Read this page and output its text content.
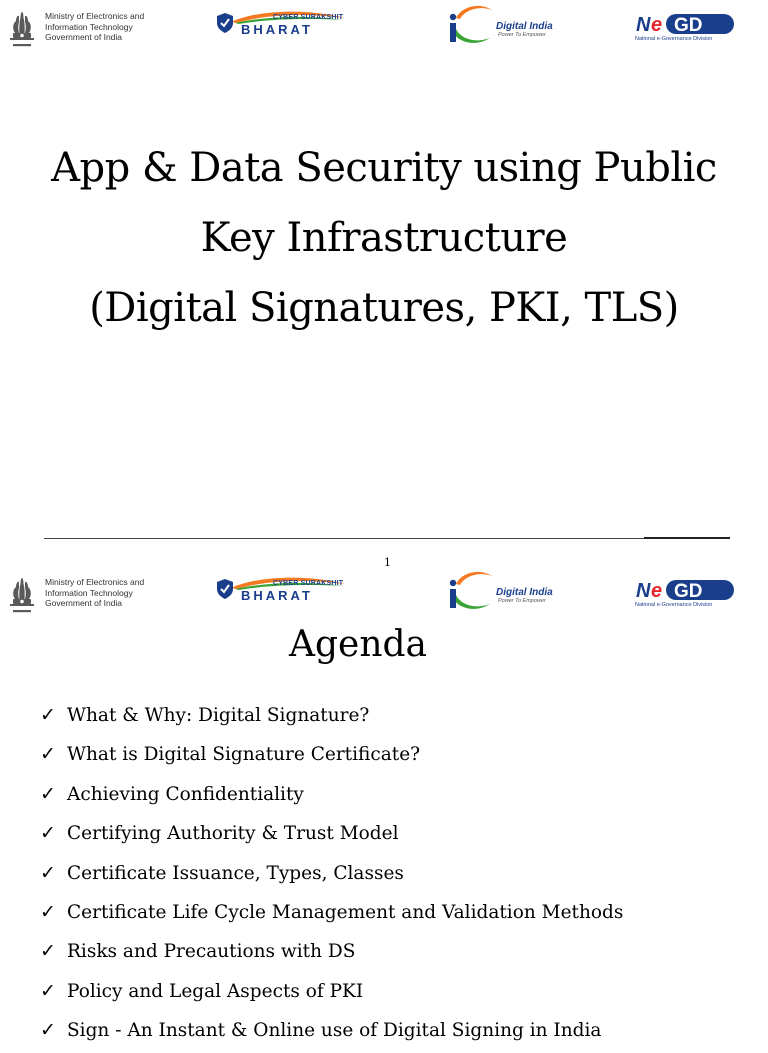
Ministry of Electronics and
Information Technology
Government of India
CYBER SURAKSHIT
BHARAT	Digital India
Power To Empower	N e GD
National e-Governance Division
App & Data Security using Public
Key Infrastructure
(Digital Signatures, PKI, TLS)
1
Ministry of Electronics and
Information Technology
Government of India
CYBER SURAKSHIT
BHARAT	Digital India
Power To Empower	N e GD
National e-Governance Division
Agenda
✓ What & Why: Digital Signature?
✓ What is Digital Signature Certificate?
✓ Achieving Confidentiality
✓ Certifying Authority & Trust Model
✓ Certificate Issuance, Types, Classes
✓ Certificate Life Cycle Management and Validation Methods
✓ Risks and Precautions with DS
✓ Policy and Legal Aspects of PKI
✓ Sign - An Instant & Online use of Digital Signing in India
